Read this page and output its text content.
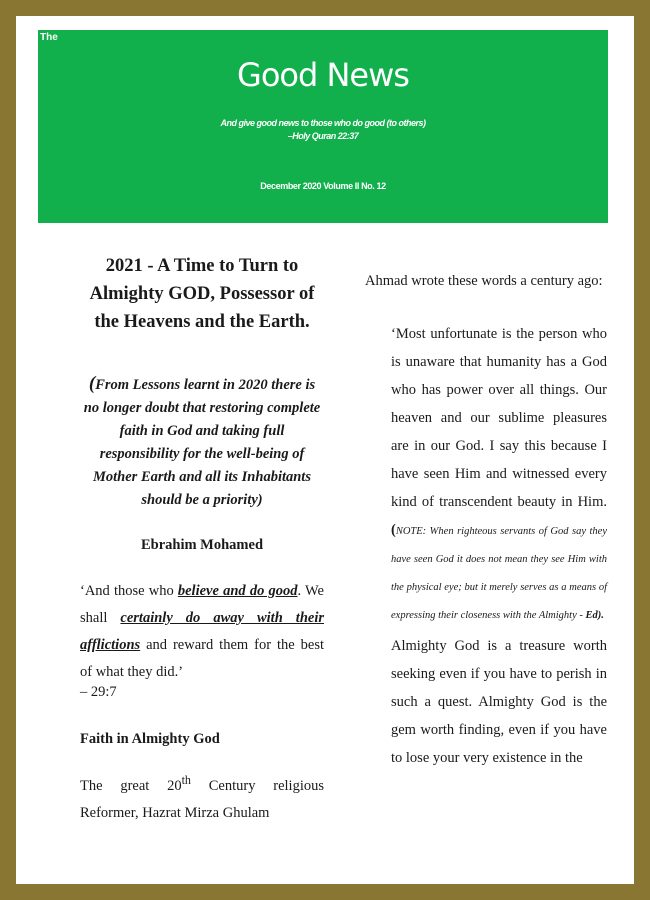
The
Good News
And give good news to those who do good (to others)
–Holy Quran 22:37
December 2020 Volume II No. 12
2021 - A Time to Turn to Almighty GOD, Possessor of the Heavens and the Earth.

(From Lessons learnt in 2020 there is no longer doubt that restoring complete faith in God and taking full responsibility for the well-being of Mother Earth and all its Inhabitants should be a priority)

Ebrahim Mohamed

‘And those who believe and do good. We shall certainly do away with their afflictions and reward them for the best of what they did.’

– 29:7

Faith in Almighty God

The great 20th Century religious Reformer, Hazrat Mirza Ghulam

Ahmad wrote these words a century ago:

‘Most unfortunate is the person who is unaware that humanity has a God who has power over all things. Our heaven and our sublime pleasures are in our God. I say this because I have seen Him and witnessed every kind of transcendent beauty in Him. (NOTE: When righteous servants of God say they have seen God it does not mean they see Him with the physical eye; but it merely serves as a means of expressing their closeness with the Almighty - Ed).

Almighty God is a treasure worth seeking even if you have to perish in such a quest. Almighty God is the gem worth finding, even if you have to lose your very existence in the
